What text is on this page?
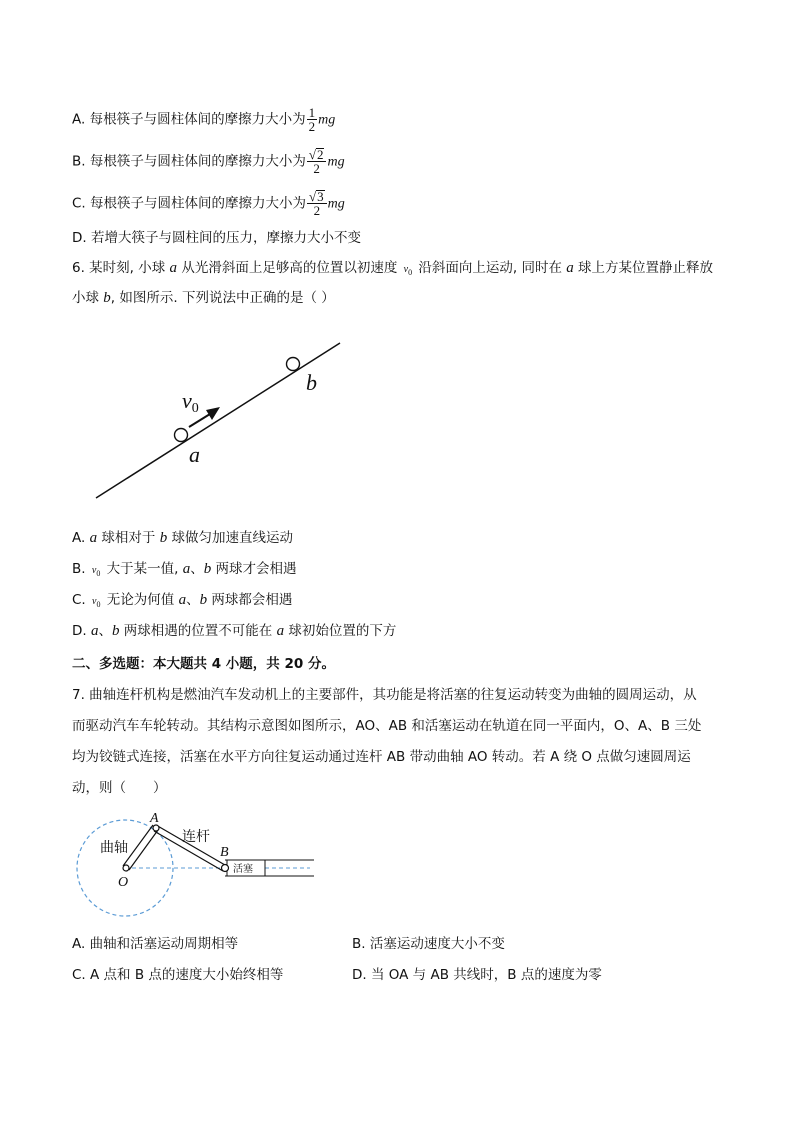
A. 每根筷子与圆柱体间的摩擦力大小为 $\frac{1}{2}$ mg
B. 每根筷子与圆柱体间的摩擦力大小为 $\frac{√ 2}{2}$ mg
C. 每根筷子与圆柱体间的摩擦力大小为 $\frac{√ 3}{2}$ mg
D. 若增大筷子与圆柱间的压力，摩擦力大小不变
6. 某时刻, 小球 a 从光滑斜面上足够高的位置以初速度 $v_0$ 沿斜面向上运动, 同时在 a 球上方某位置静止释放
小球 b, 如图所示. 下列说法中正确的是（ ）
v0
a
b
A. a 球相对于 b 球做匀加速直线运动
B. $v_0$ 大于某一值, a、b 两球才会相遇
C. $v_0$ 无论为何值 a、b 两球都会相遇
D. a、b 两球相遇的位置不可能在 a 球初始位置的下方
二、多选题：本大题共 4 小题，共 20 分。
7. 曲轴连杆机构是燃油汽车发动机上的主要部件，其功能是将活塞的往复运动转变为曲轴的圆周运动，从
而驱动汽车车轮转动。其结构示意图如图所示，AO、AB 和活塞运动在轨道在同一平面内，O、A、B 三处
均为铰链式连接，活塞在水平方向往复运动通过连杆 AB 带动曲轴 AO 转动。若 A 绕 O 点做匀速圆周运
动，则（　　）
活塞
曲轴
连杆
A
B
O
A. 曲轴和活塞运动周期相等	B. 活塞运动速度大小不变
C. A 点和 B 点的速度大小始终相等	D. 当 OA 与 AB 共线时，B 点的速度为零
